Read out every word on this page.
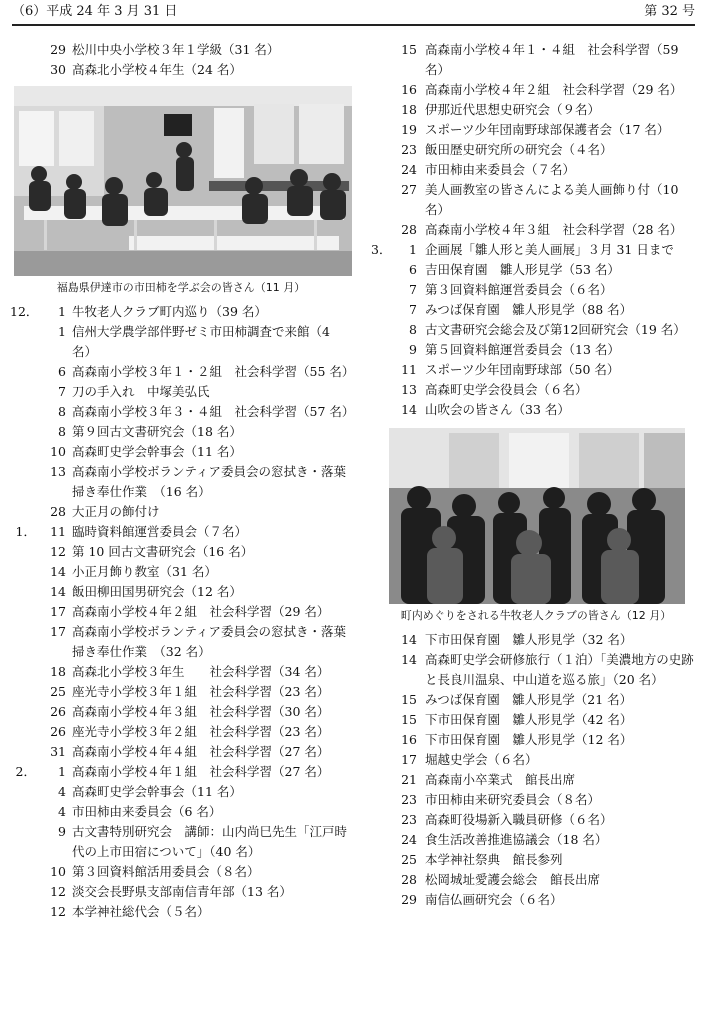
（6）平成 24 年 3 月 31 日	第 32 号
29 松川中央小学校３年１学級（31 名）
30 高森北小学校４年生（24 名）
福島県伊達市の市田柿を学ぶ会の皆さん（11 月）
12．	1 牛牧老人クラブ町内巡り（39 名）
1 信州大学農学部伴野ゼミ市田柿調査で来館（4 名）
6 高森南小学校３年１・２組　社会科学習（55 名）
7 刀の手入れ　中塚美弘氏
8 高森南小学校３年３・４組　社会科学習（57 名）
8 第９回古文書研究会（18 名）
10 高森町史学会幹事会（11 名）
13 高森南小学校ボランティア委員会の窓拭き・落葉掃き奉仕作業　（16 名）
28 大正月の飾付け
1．	11 臨時資料館運営委員会（７名）
12 第 10 回古文書研究会（16 名）
14 小正月飾り教室（31 名）
14 飯田柳田国男研究会（12 名）
17 高森南小学校４年２組　社会科学習（29 名）
17 高森南小学校ボランティア委員会の窓拭き・落葉掃き奉仕作業　（32 名）
18 高森北小学校３年生　　社会科学習（34 名）
25 座光寺小学校３年１組　社会科学習（23 名）
26 高森南小学校４年３組　社会科学習（30 名）
26 座光寺小学校３年２組　社会科学習（23 名）
31 高森南小学校４年４組　社会科学習（27 名）
2．	1 高森南小学校４年１組　社会科学習（27 名）
4 高森町史学会幹事会（11 名）
4 市田柿由来委員会（6 名）
9 古文書特別研究会　講師：山内尚巳先生「江戸時代の上市田宿について」（40 名）
10 第３回資料館活用委員会（８名）
12 淡交会長野県支部南信青年部（13 名）
12 本学神社総代会（５名）
15 高森南小学校４年１・４組　社会科学習（59 名）
16 高森南小学校４年２組　社会科学習（29 名）
18 伊那近代思想史研究会（９名）
19 スポーツ少年団南野球部保護者会（17 名）
23 飯田歴史研究所の研究会（４名）
24 市田柿由来委員会（７名）
27 美人画教室の皆さんによる美人画飾り付（10 名）
28 高森南小学校４年３組　社会科学習（28 名）
3．	1 企画展「雛人形と美人画展」３月 31 日まで
6 吉田保育園　雛人形見学（53 名）
7 第３回資料館運営委員会（６名）
7 みつば保育園　雛人形見学（88 名）
8 古文書研究会総会及び第12回研究会（19 名）
9 第５回資料館運営委員会（13 名）
11 スポーツ少年団南野球部（50 名）
13 高森町史学会役員会（６名）
14 山吹会の皆さん（33 名）
町内めぐりをされる牛牧老人クラブの皆さん（12 月）
14 下市田保育園　雛人形見学（32 名）
14 高森町史学会研修旅行（１泊）「美濃地方の史跡と長良川温泉、中山道を巡る旅」（20 名）
15 みつば保育園　雛人形見学（21 名）
15 下市田保育園　雛人形見学（42 名）
16 下市田保育園　雛人形見学（12 名）
17 堀越史学会（６名）
21 高森南小卒業式　館長出席
23 市田柿由来研究委員会（８名）
23 高森町役場新入職員研修（６名）
24 食生活改善推進協議会（18 名）
25 本学神社祭典　館長参列
28 松岡城址愛護会総会　館長出席
29 南信仏画研究会（６名）
